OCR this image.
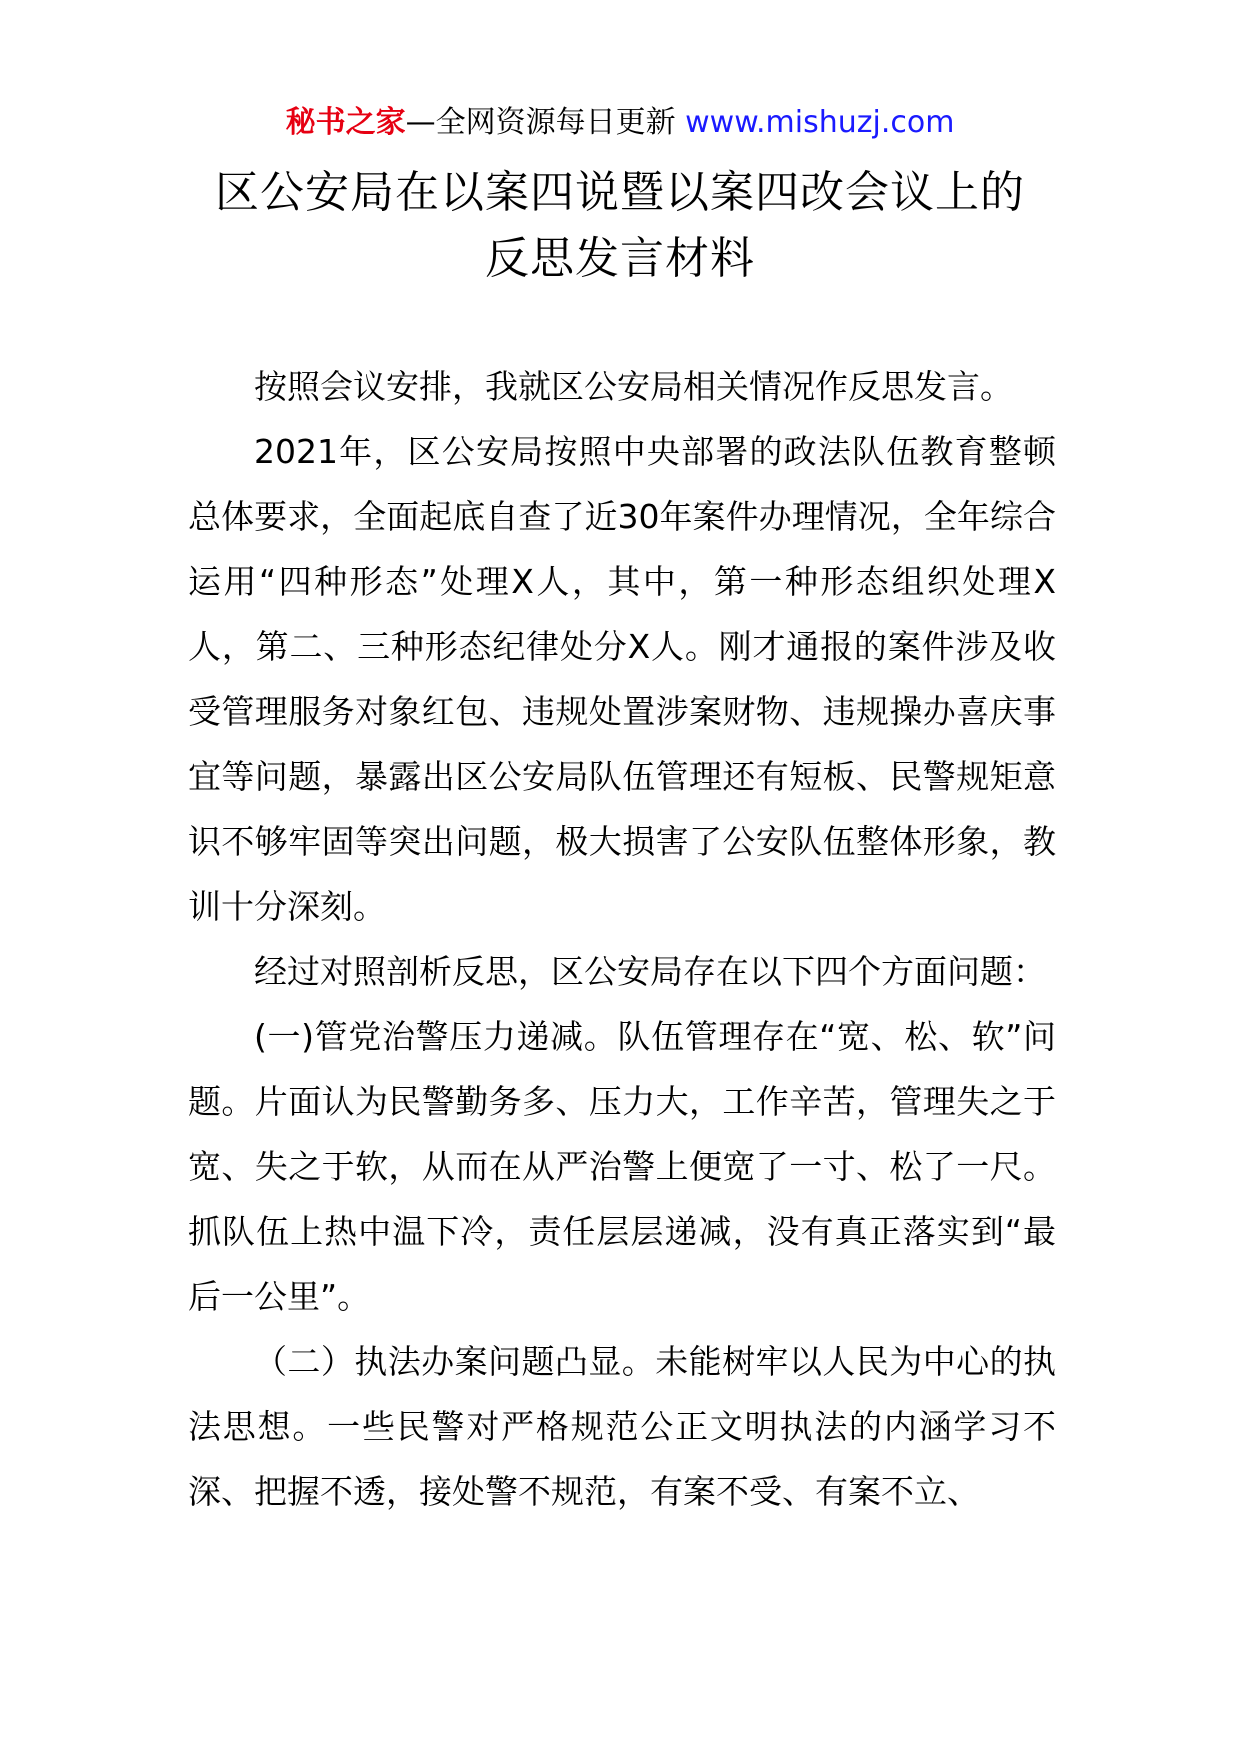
秘书之家—全网资源每日更新 www.mishuzj.com
区公安局在以案四说暨以案四改会议上的
反思发言材料

按照会议安排，我就区公安局相关情况作反思发言。

2021年，区公安局按照中央部署的政法队伍教育整顿总体要求，全面起底自查了近30年案件办理情况，全年综合运用“四种形态”处理X人，其中，第一种形态组织处理X人，第二、三种形态纪律处分X人。刚才通报的案件涉及收受管理服务对象红包、违规处置涉案财物、违规操办喜庆事宜等问题，暴露出区公安局队伍管理还有短板、民警规矩意识不够牢固等突出问题，极大损害了公安队伍整体形象，教训十分深刻。

经过对照剖析反思，区公安局存在以下四个方面问题：

(一)管党治警压力递减。队伍管理存在“宽、松、软”问题。片面认为民警勤务多、压力大，工作辛苦，管理失之于宽、失之于软，从而在从严治警上便宽了一寸、松了一尺。抓队伍上热中温下冷，责任层层递减，没有真正落实到“最后一公里”。

（二）执法办案问题凸显。未能树牢以人民为中心的执法思想。一些民警对严格规范公正文明执法的内涵学习不深、把握不透，接处警不规范，有案不受、有案不立、
